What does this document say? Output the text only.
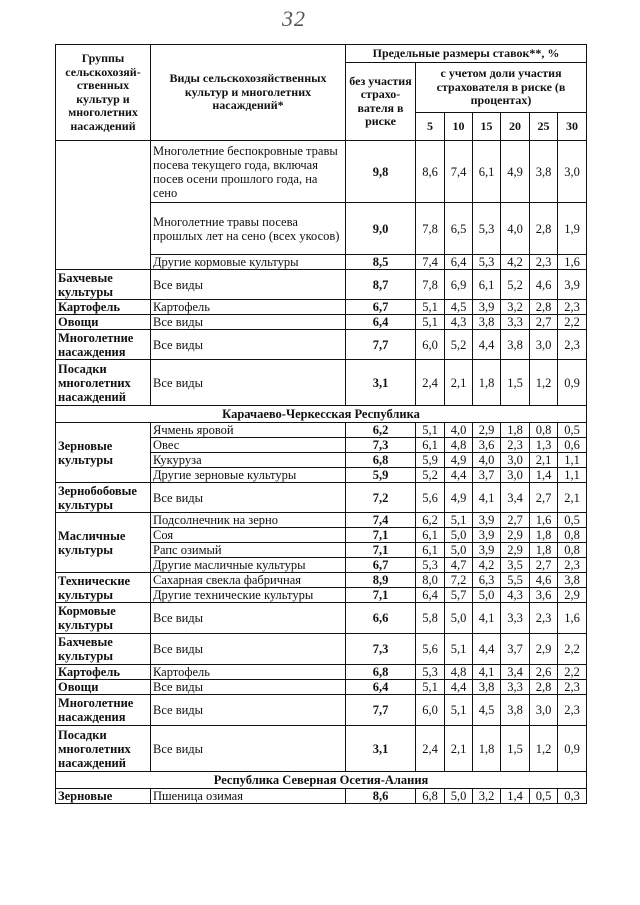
32
Группы сельскохозяй-ственных культур и многолетних насаждений	Виды сельскохозяйственных культур и многолетних насаждений*	Предельные размеры ставок**, %						
		без участия страхо-вателя в риске	с учетом доли участия страхователя в риске (в процентах)					
			5	10	15	20	25	30
	Многолетние беспокровные травы посева текущего года, включая посев осени прошлого года, на сено	9,8	8,6	7,4	6,1	4,9	3,8	3,0
	Многолетние травы посева прошлых лет на сено (всех укосов)	9,0	7,8	6,5	5,3	4,0	2,8	1,9
	Другие кормовые культуры	8,5	7,4	6,4	5,3	4,2	2,3	1,6
Бахчевые культуры	Все виды	8,7	7,8	6,9	6,1	5,2	4,6	3,9
Картофель	Картофель	6,7	5,1	4,5	3,9	3,2	2,8	2,3
Овощи	Все виды	6,4	5,1	4,3	3,8	3,3	2,7	2,2
Многолетние насаждения	Все виды	7,7	6,0	5,2	4,4	3,8	3,0	2,3
Посадки многолетних насаждений	Все виды	3,1	2,4	2,1	1,8	1,5	1,2	0,9
Карачаево-Черкесская Республика								
Зерновые культуры	Ячмень яровой	6,2	5,1	4,0	2,9	1,8	0,8	0,5
	Овес	7,3	6,1	4,8	3,6	2,3	1,3	0,6
	Кукуруза	6,8	5,9	4,9	4,0	3,0	2,1	1,1
	Другие зерновые культуры	5,9	5,2	4,4	3,7	3,0	1,4	1,1
Зернобобовые культуры	Все виды	7,2	5,6	4,9	4,1	3,4	2,7	2,1
Масличные культуры	Подсолнечник на зерно	7,4	6,2	5,1	3,9	2,7	1,6	0,5
	Соя	7,1	6,1	5,0	3,9	2,9	1,8	0,8
	Рапс озимый	7,1	6,1	5,0	3,9	2,9	1,8	0,8
	Другие масличные культуры	6,7	5,3	4,7	4,2	3,5	2,7	2,3
Технические культуры	Сахарная свекла фабричная	8,9	8,0	7,2	6,3	5,5	4,6	3,8
	Другие технические культуры	7,1	6,4	5,7	5,0	4,3	3,6	2,9
Кормовые культуры	Все виды	6,6	5,8	5,0	4,1	3,3	2,3	1,6
Бахчевые культуры	Все виды	7,3	5,6	5,1	4,4	3,7	2,9	2,2
Картофель	Картофель	6,8	5,3	4,8	4,1	3,4	2,6	2,2
Овощи	Все виды	6,4	5,1	4,4	3,8	3,3	2,8	2,3
Многолетние насаждения	Все виды	7,7	6,0	5,1	4,5	3,8	3,0	2,3
Посадки многолетних насаждений	Все виды	3,1	2,4	2,1	1,8	1,5	1,2	0,9
Республика Северная Осетия-Алания								
Зерновые	Пшеница озимая	8,6	6,8	5,0	3,2	1,4	0,5	0,3
